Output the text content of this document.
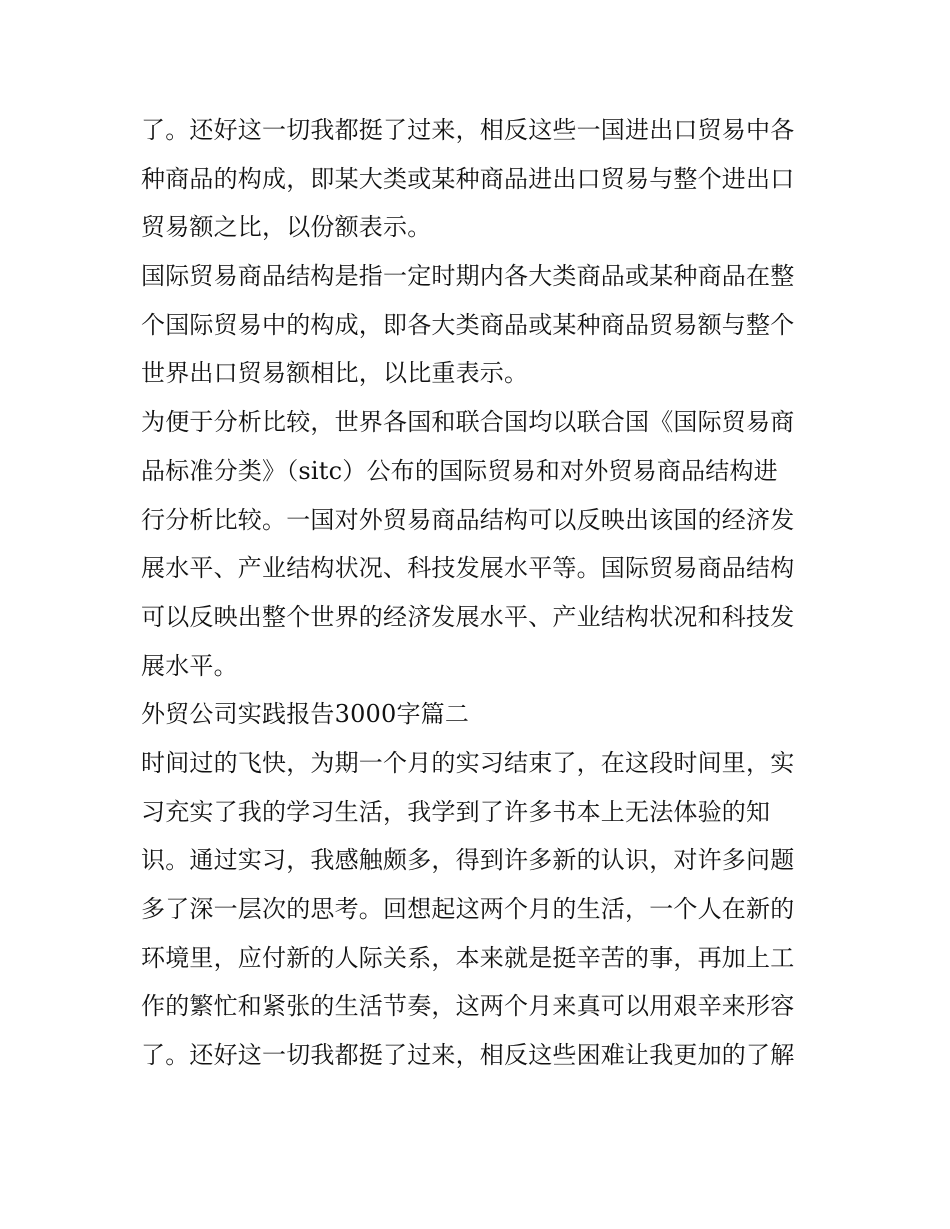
了。还好这一切我都挺了过来，相反这些一国进出口贸易中各
种商品的构成，即某大类或某种商品进出口贸易与整个进出口
贸易额之比，以份额表示。
国际贸易商品结构是指一定时期内各大类商品或某种商品在整
个国际贸易中的构成，即各大类商品或某种商品贸易额与整个
世界出口贸易额相比，以比重表示。
为便于分析比较，世界各国和联合国均以联合国《国际贸易商
品标准分类》（sitc）公布的国际贸易和对外贸易商品结构进
行分析比较。一国对外贸易商品结构可以反映出该国的经济发
展水平、产业结构状况、科技发展水平等。国际贸易商品结构
可以反映出整个世界的经济发展水平、产业结构状况和科技发
展水平。
外贸公司实践报告3000字篇二
时间过的飞快，为期一个月的实习结束了，在这段时间里，实
习充实了我的学习生活，我学到了许多书本上无法体验的知
识。通过实习，我感触颇多，得到许多新的认识，对许多问题
多了深一层次的思考。回想起这两个月的生活，一个人在新的
环境里，应付新的人际关系，本来就是挺辛苦的事，再加上工
作的繁忙和紧张的生活节奏，这两个月来真可以用艰辛来形容
了。还好这一切我都挺了过来，相反这些困难让我更加的了解
